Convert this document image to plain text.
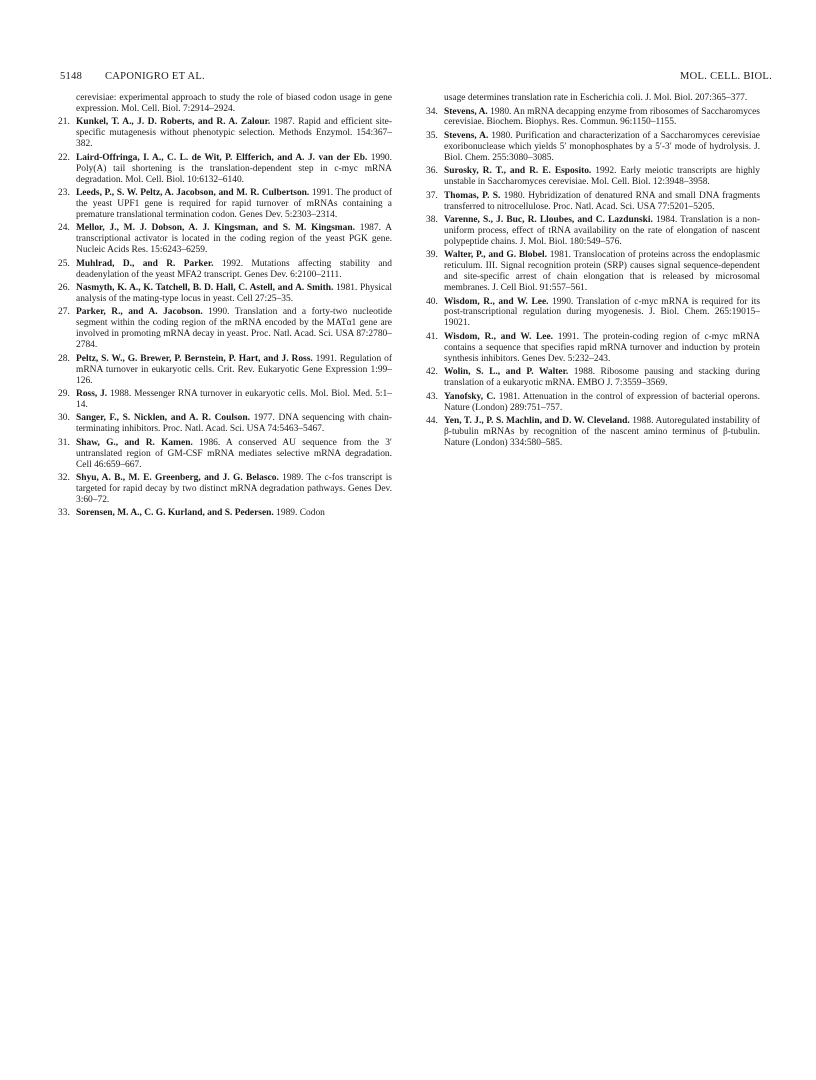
5148 CAPONIGRO ET AL.	MOL. CELL. BIOL.
cerevisiae: experimental approach to study the role of biased codon usage in gene expression. Mol. Cell. Biol. 7:2914–2924.
21. Kunkel, T. A., J. D. Roberts, and R. A. Zalour. 1987. Rapid and efficient site-specific mutagenesis without phenotypic selection. Methods Enzymol. 154:367–382.
22. Laird-Offringa, I. A., C. L. de Wit, P. Elfferich, and A. J. van der Eb. 1990. Poly(A) tail shortening is the translation-dependent step in c-myc mRNA degradation. Mol. Cell. Biol. 10:6132–6140.
23. Leeds, P., S. W. Peltz, A. Jacobson, and M. R. Culbertson. 1991. The product of the yeast UPF1 gene is required for rapid turnover of mRNAs containing a premature translational termination codon. Genes Dev. 5:2303–2314.
24. Mellor, J., M. J. Dobson, A. J. Kingsman, and S. M. Kingsman. 1987. A transcriptional activator is located in the coding region of the yeast PGK gene. Nucleic Acids Res. 15:6243–6259.
25. Muhlrad, D., and R. Parker. 1992. Mutations affecting stability and deadenylation of the yeast MFA2 transcript. Genes Dev. 6:2100–2111.
26. Nasmyth, K. A., K. Tatchell, B. D. Hall, C. Astell, and A. Smith. 1981. Physical analysis of the mating-type locus in yeast. Cell 27:25–35.
27. Parker, R., and A. Jacobson. 1990. Translation and a forty-two nucleotide segment within the coding region of the mRNA encoded by the MATα1 gene are involved in promoting mRNA decay in yeast. Proc. Natl. Acad. Sci. USA 87:2780–2784.
28. Peltz, S. W., G. Brewer, P. Bernstein, P. Hart, and J. Ross. 1991. Regulation of mRNA turnover in eukaryotic cells. Crit. Rev. Eukaryotic Gene Expression 1:99–126.
29. Ross, J. 1988. Messenger RNA turnover in eukaryotic cells. Mol. Biol. Med. 5:1–14.
30. Sanger, F., S. Nicklen, and A. R. Coulson. 1977. DNA sequencing with chain-terminating inhibitors. Proc. Natl. Acad. Sci. USA 74:5463–5467.
31. Shaw, G., and R. Kamen. 1986. A conserved AU sequence from the 3′ untranslated region of GM-CSF mRNA mediates selective mRNA degradation. Cell 46:659–667.
32. Shyu, A. B., M. E. Greenberg, and J. G. Belasco. 1989. The c-fos transcript is targeted for rapid decay by two distinct mRNA degradation pathways. Genes Dev. 3:60–72.
33. Sorensen, M. A., C. G. Kurland, and S. Pedersen. 1989. Codon
usage determines translation rate in Escherichia coli. J. Mol. Biol. 207:365–377.
34. Stevens, A. 1980. An mRNA decapping enzyme from ribosomes of Saccharomyces cerevisiae. Biochem. Biophys. Res. Commun. 96:1150–1155.
35. Stevens, A. 1980. Purification and characterization of a Saccharomyces cerevisiae exoribonuclease which yields 5′ monophosphates by a 5′-3′ mode of hydrolysis. J. Biol. Chem. 255:3080–3085.
36. Surosky, R. T., and R. E. Esposito. 1992. Early meiotic transcripts are highly unstable in Saccharomyces cerevisiae. Mol. Cell. Biol. 12:3948–3958.
37. Thomas, P. S. 1980. Hybridization of denatured RNA and small DNA fragments transferred to nitrocellulose. Proc. Natl. Acad. Sci. USA 77:5201–5205.
38. Varenne, S., J. Buc, R. Lloubes, and C. Lazdunski. 1984. Translation is a non-uniform process, effect of tRNA availability on the rate of elongation of nascent polypeptide chains. J. Mol. Biol. 180:549–576.
39. Walter, P., and G. Blobel. 1981. Translocation of proteins across the endoplasmic reticulum. III. Signal recognition protein (SRP) causes signal sequence-dependent and site-specific arrest of chain elongation that is released by microsomal membranes. J. Cell Biol. 91:557–561.
40. Wisdom, R., and W. Lee. 1990. Translation of c-myc mRNA is required for its post-transcriptional regulation during myogenesis. J. Biol. Chem. 265:19015–19021.
41. Wisdom, R., and W. Lee. 1991. The protein-coding region of c-myc mRNA contains a sequence that specifies rapid mRNA turnover and induction by protein synthesis inhibitors. Genes Dev. 5:232–243.
42. Wolin, S. L., and P. Walter. 1988. Ribosome pausing and stacking during translation of a eukaryotic mRNA. EMBO J. 7:3559–3569.
43. Yanofsky, C. 1981. Attenuation in the control of expression of bacterial operons. Nature (London) 289:751–757.
44. Yen, T. J., P. S. Machlin, and D. W. Cleveland. 1988. Autoregulated instability of β-tubulin mRNAs by recognition of the nascent amino terminus of β-tubulin. Nature (London) 334:580–585.
